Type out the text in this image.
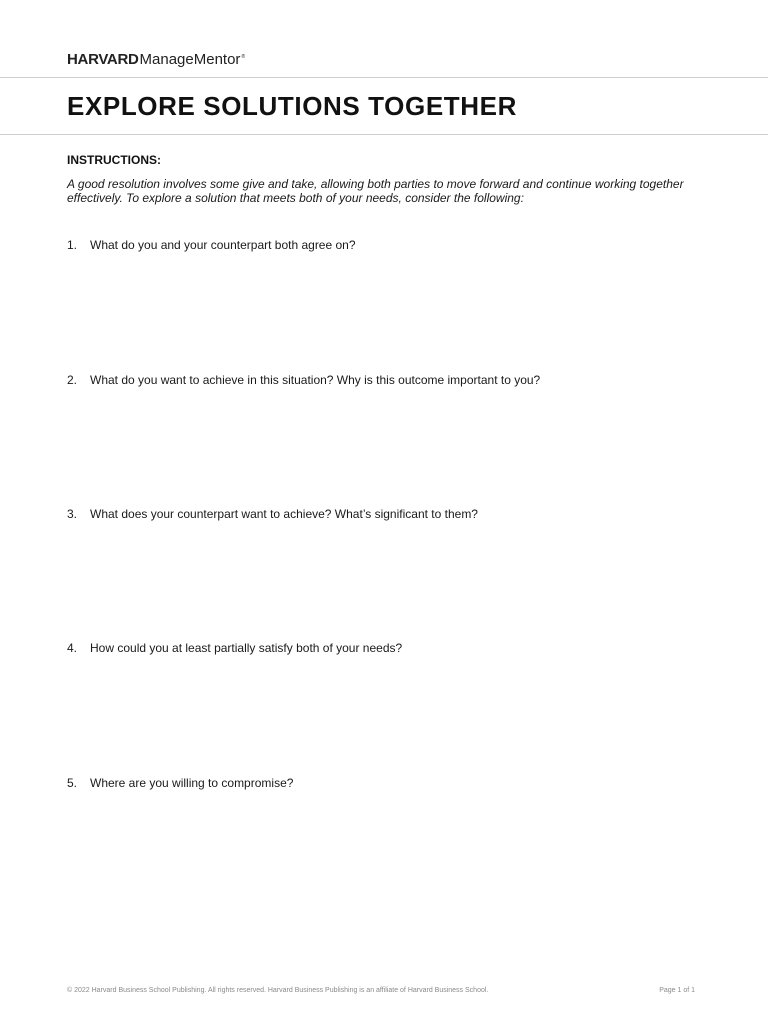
HARVARD ManageMentor ®
EXPLORE SOLUTIONS TOGETHER

INSTRUCTIONS:

A good resolution involves some give and take, allowing both parties to move forward and continue working together effectively. To explore a solution that meets both of your needs, consider the following:

1.	What do you and your counterpart both agree on?
2.	What do you want to achieve in this situation? Why is this outcome important to you?
3.	What does your counterpart want to achieve? What’s significant to them?
4.	How could you at least partially satisfy both of your needs?
5.	Where are you willing to compromise?
© 2022 Harvard Business School Publishing. All rights reserved. Harvard Business Publishing is an affiliate of Harvard Business School.	Page 1 of 1
